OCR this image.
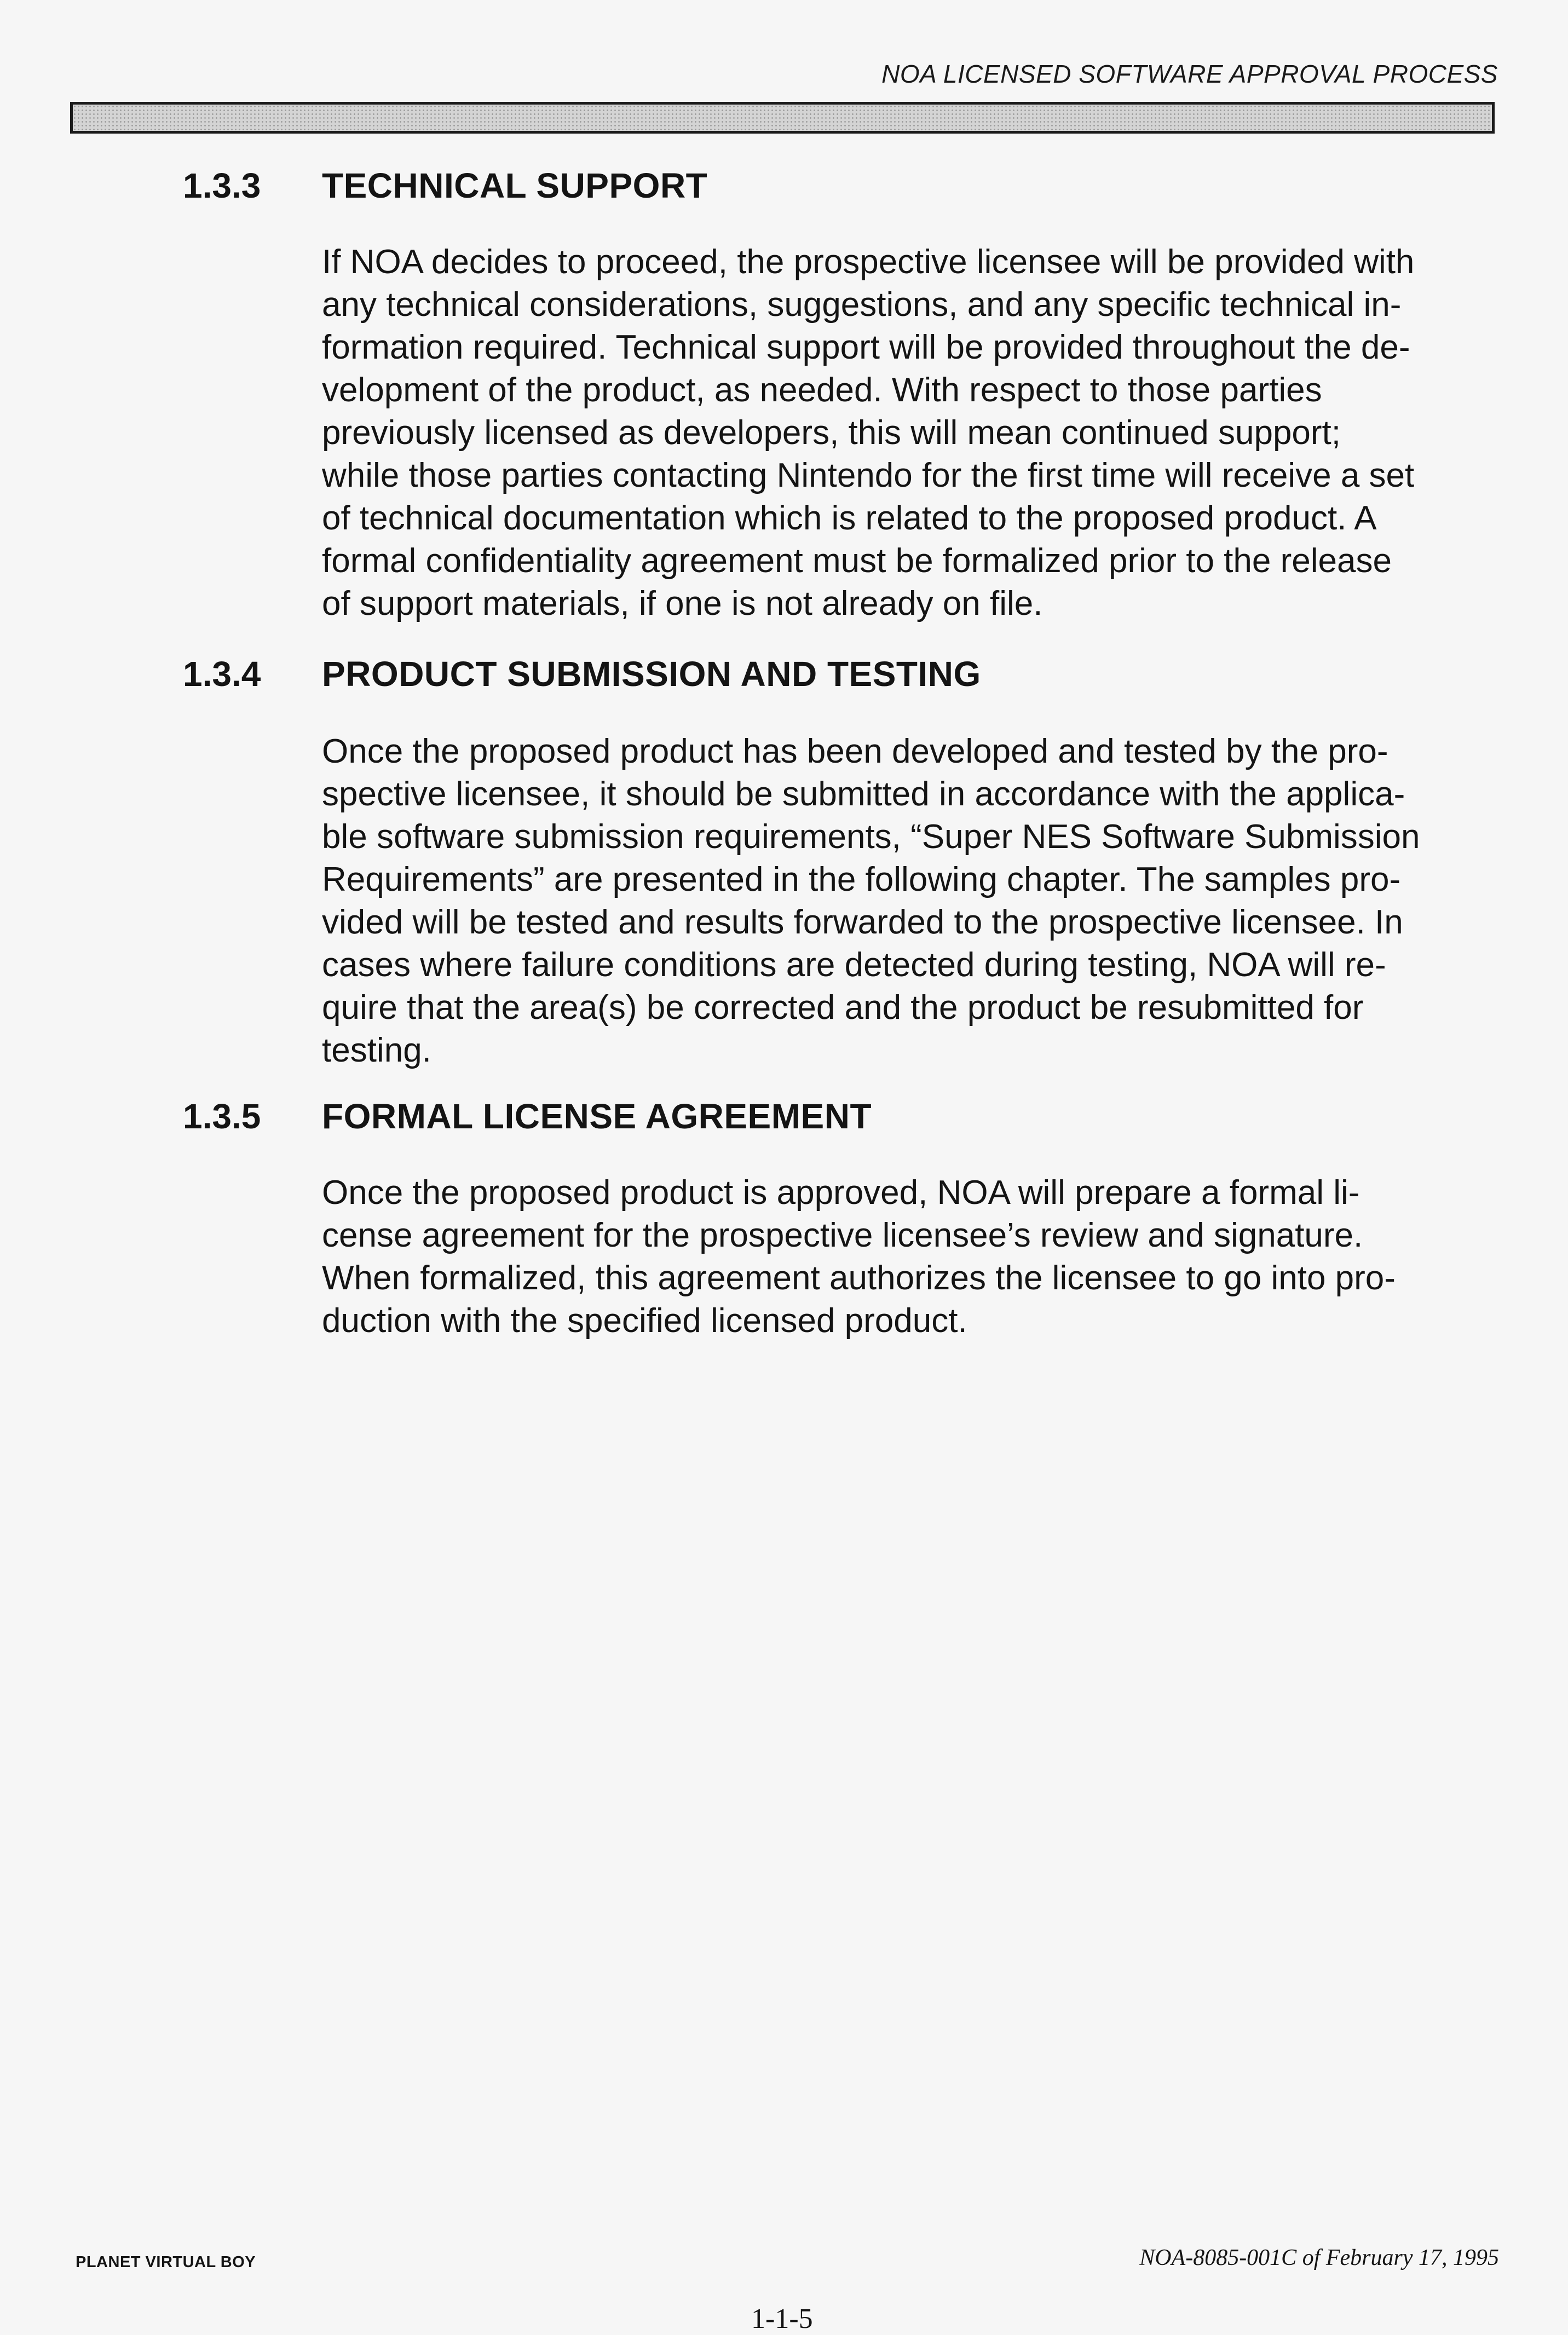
NOA LICENSED SOFTWARE APPROVAL PROCESS
1.3.3 TECHNICAL SUPPORT

If NOA decides to proceed, the prospective licensee will be provided with

any technical considerations, suggestions, and any specific technical in-

formation required. Technical support will be provided throughout the de-

velopment of the product, as needed. With respect to those parties

previously licensed as developers, this will mean continued support;

while those parties contacting Nintendo for the first time will receive a set

of technical documentation which is related to the proposed product. A

formal confidentiality agreement must be formalized prior to the release

of support materials, if one is not already on file.

1.3.4 PRODUCT SUBMISSION AND TESTING

Once the proposed product has been developed and tested by the pro-

spective licensee, it should be submitted in accordance with the applica-

ble software submission requirements, “Super NES Software Submission

Requirements” are presented in the following chapter. The samples pro-

vided will be tested and results forwarded to the prospective licensee. In

cases where failure conditions are detected during testing, NOA will re-

quire that the area(s) be corrected and the product be resubmitted for

testing.

1.3.5 FORMAL LICENSE AGREEMENT

Once the proposed product is approved, NOA will prepare a formal li-

cense agreement for the prospective licensee’s review and signature.

When formalized, this agreement authorizes the licensee to go into pro-

duction with the specified licensed product.

PLANET VIRTUAL BOY	NOA-8085-001C of February 17, 1995
1-1-5
